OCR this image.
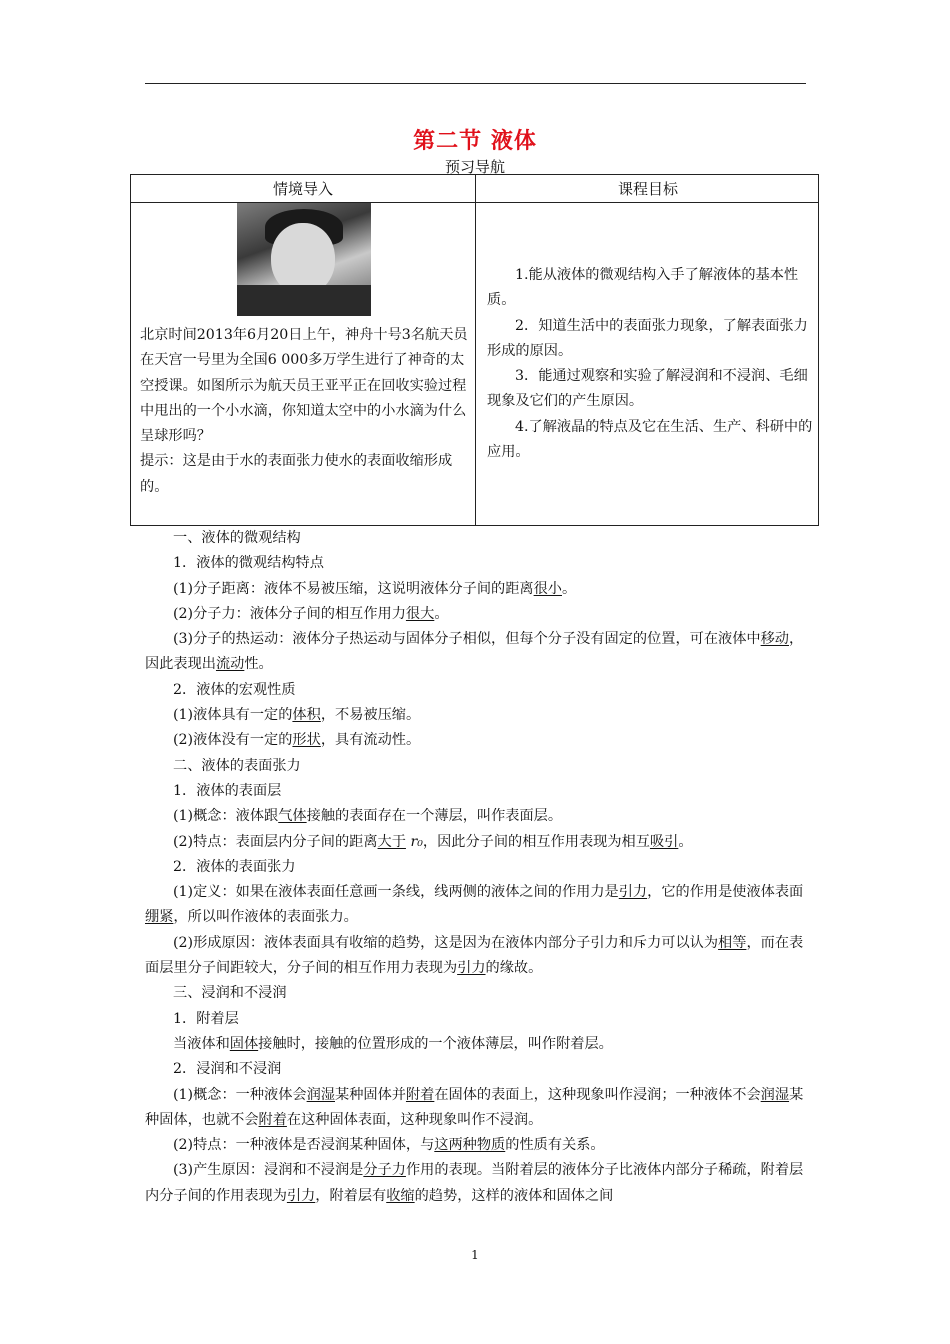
第二节 液体
预习导航
情境导入	课程目标
北京时间2013年6月20日上午，神舟十号3名航天员在天宫一号里为全国6 000多万学生进行了神奇的太空授课。如图所示为航天员王亚平正在回收实验过程中甩出的一个小水滴，你知道太空中的小水滴为什么呈球形吗？
提示：这是由于水的表面张力使水的表面收缩形成的。

1.能从液体的微观结构入手了解液体的基本性质。

2．知道生活中的表面张力现象，了解表面张力形成的原因。

3．能通过观察和实验了解浸润和不浸润、毛细现象及它们的产生原因。

4.了解液晶的特点及它在生活、生产、科研中的应用。

一、液体的微观结构

1．液体的微观结构特点

(1)分子距离：液体不易被压缩，这说明液体分子间的距离很小。

(2)分子力：液体分子间的相互作用力很大。

(3)分子的热运动：液体分子热运动与固体分子相似，但每个分子没有固定的位置，可在液体中移动，因此表现出流动性。

2．液体的宏观性质

(1)液体具有一定的体积，不易被压缩。

(2)液体没有一定的形状，具有流动性。

二、液体的表面张力

1．液体的表面层

(1)概念：液体跟气体接触的表面存在一个薄层，叫作表面层。

(2)特点：表面层内分子间的距离大于 r₀，因此分子间的相互作用表现为相互吸引。

2．液体的表面张力

(1)定义：如果在液体表面任意画一条线，线两侧的液体之间的作用力是引力，它的作用是使液体表面绷紧，所以叫作液体的表面张力。

(2)形成原因：液体表面具有收缩的趋势，这是因为在液体内部分子引力和斥力可以认为相等，而在表面层里分子间距较大，分子间的相互作用力表现为引力的缘故。

三、浸润和不浸润

1．附着层

当液体和固体接触时，接触的位置形成的一个液体薄层，叫作附着层。

2．浸润和不浸润

(1)概念：一种液体会润湿某种固体并附着在固体的表面上，这种现象叫作浸润；一种液体不会润湿某种固体，也就不会附着在这种固体表面，这种现象叫作不浸润。

(2)特点：一种液体是否浸润某种固体，与这两种物质的性质有关系。

(3)产生原因：浸润和不浸润是分子力作用的表现。当附着层的液体分子比液体内部分子稀疏，附着层内分子间的作用表现为引力，附着层有收缩的趋势，这样的液体和固体之间

1
